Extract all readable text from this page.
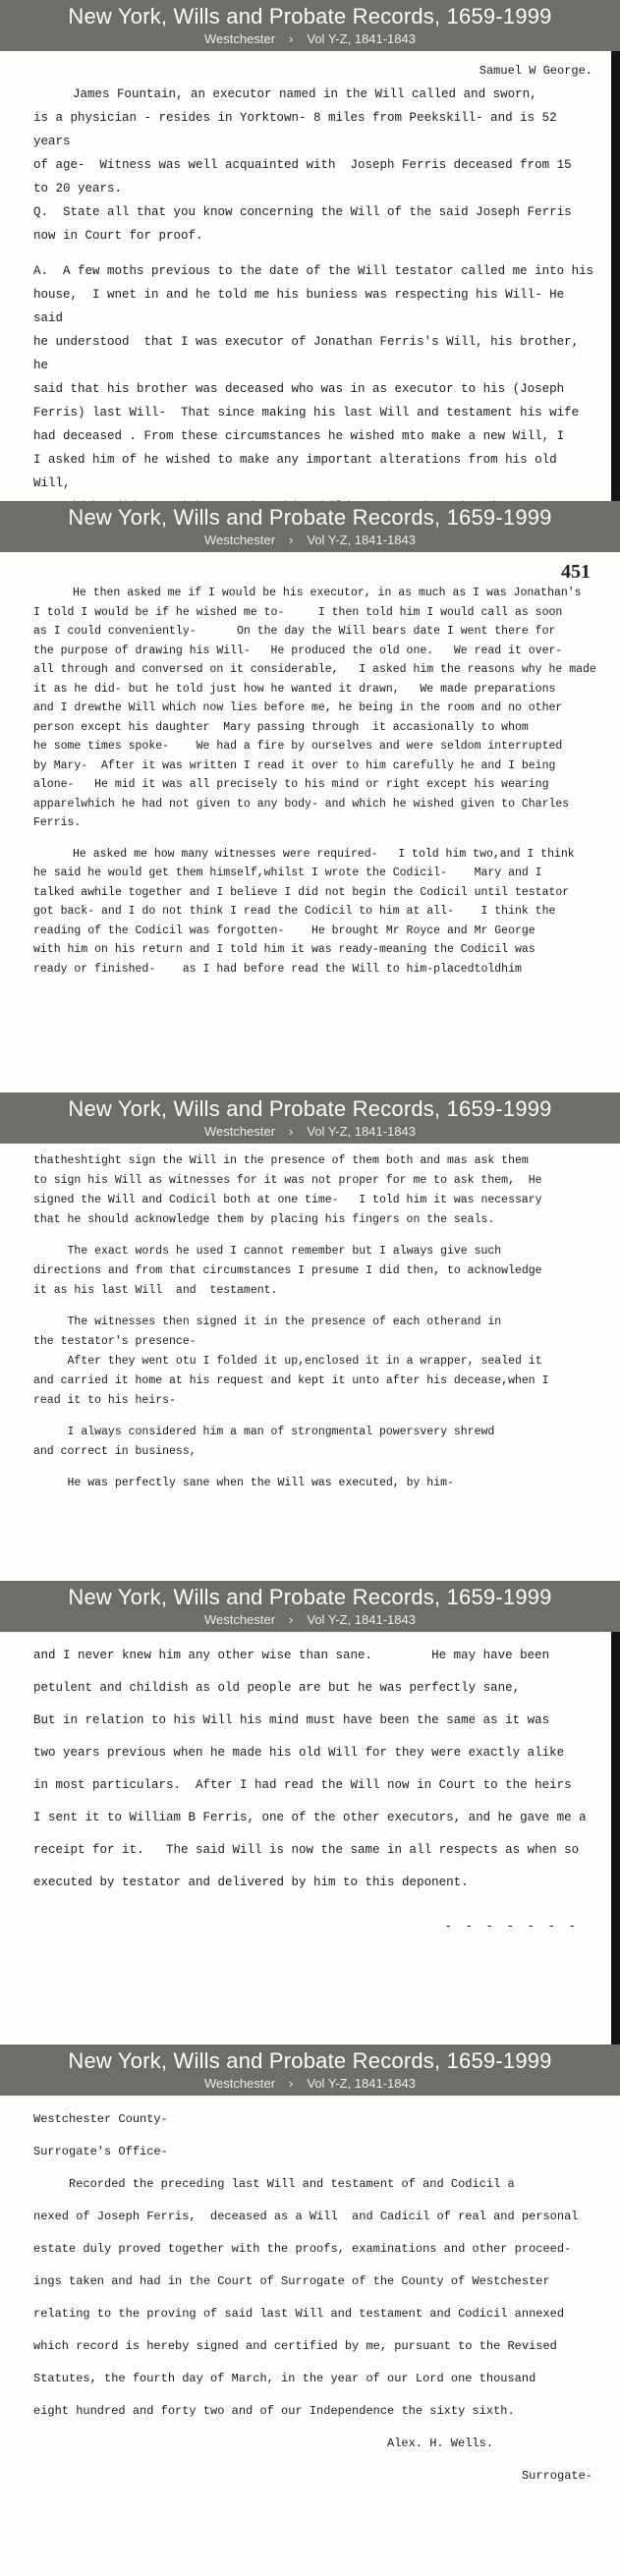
New York, Wills and Probate Records, 1659-1999
Westchester › Vol Y-Z, 1841-1843

Samuel W George.

James Fountain, an executor named in the Will called and sworn,

is a physician - resides in Yorktown- 8 miles from Peekskill- and is 52 years

of age-  Witness was well acquainted with  Joseph Ferris deceased from 15

to 20 years.

Q.  State all that you know concerning the Will of the said Joseph Ferris

now in Court for proof.

A.  A few moths previous to the date of the Will testator called me into his

house,  I wnet in and he told me his buniess was respecting his Will- He said

he understood  that I was executor of Jonathan Ferris's Will, his brother, he

said that his brother was deceased who was in as executor to his (Joseph

Ferris) last Will-  That since making his last Will and testament his wife

had deceased . From these circumstances he wished mto make a new Will, I

I asked him of he wished to make any important alterations from his old Will,

New York, Wills and Probate Records, 1659-1999
Westchester › Vol Y-Z, 1841-1843

451

He then asked me if I would be his executor, in as much as I was Jonathan's

I told I would be if he wished me to-     I then told him I would call as soon

as I could conveniently-      On the day the Will bears date I went there for

the purpose of drawing his Will-   He produced the old one.   We read it over-

all through and conversed on it considerable,   I asked him the reasons why he made

it as he did- but he told just how he wanted it drawn,   We made preparations

and I drewthe Will which now lies before me, he being in the room and no other

person except his daughter  Mary passing through  it accasionally to whom

he some times spoke-    We had a fire by ourselves and were seldom interrupted

by Mary-  After it was written I read it over to him carefully he and I being

alone-   He mid it was all precisely to his mind or right except his wearing

apparelwhich he had not given to any body- and which he wished given to Charles

Ferris.

He asked me how many witnesses were required-   I told him two,and I think

he said he would get them himself,whilst I wrote the Codicil-    Mary and I

talked awhile together and I believe I did not begin the Codicil until testator

got back- and I do not think I read the Codicil to him at all-    I think the

reading of the Codicil was forgotten-    He brought Mr Royce and Mr George

with him on his return and I told him it was ready-meaning the Codicil was

ready or finished-    as I had before read the Will to him-placedtoldhim

New York, Wills and Probate Records, 1659-1999
Westchester › Vol Y-Z, 1841-1843

thatheshtight sign the Will in the presence of them both and mas ask them

to sign his Will as witnesses for it was not proper for me to ask them,  He

signed the Will and Codicil both at one time-   I told him it was necessary

that he should acknowledge them by placing his fingers on the seals.

The exact words he used I cannot remember but I always give such

directions and from that circumstances I presume I did then, to acknowledge

it as his last Will  and  testament.

The witnesses then signed it in the presence of each otherand in

the testator's presence-

After they went otu I folded it up,enclosed it in a wrapper, sealed it

and carried it home at his request and kept it unto after his decease,when I

read it to his heirs-

I always considered him a man of strongmental powersvery shrewd

and correct in business,

He was perfectly sane when the Will was executed, by him-

New York, Wills and Probate Records, 1659-1999
Westchester › Vol Y-Z, 1841-1843

and I never knew him any other wise than sane.        He may have been

petulent and childish as old people are but he was perfectly sane,

But in relation to his Will his mind must have been the same as it was

two years previous when he made his old Will for they were exactly alike

in most particulars.  After I had read the Will now in Court to the heirs

I sent it to William B Ferris, one of the other executors, and he gave me a

receipt for it.   The said Will is now the same in all respects as when so

executed by testator and delivered by him to this deponent.

- - - - - - -

New York, Wills and Probate Records, 1659-1999
Westchester › Vol Y-Z, 1841-1843

Westchester County-

Surrogate's Office-

Recorded the preceding last Will and testament of and Codicil a

nexed of Joseph Ferris,  deceased as a Will  and Cadicil of real and personal

estate duly proved together with the proofs, examinations and other proceed-

ings taken and had in the Court of Surrogate of the County of Westchester

relating to the proving of said last Will and testament and Codicil annexed

which record is hereby signed and certified by me, pursuant to the Revised

Statutes, the fourth day of March, in the year of our Lord one thousand

eight hundred and forty two and of our Independence the sixty sixth.

Alex. H. Wells.

Surrogate-
